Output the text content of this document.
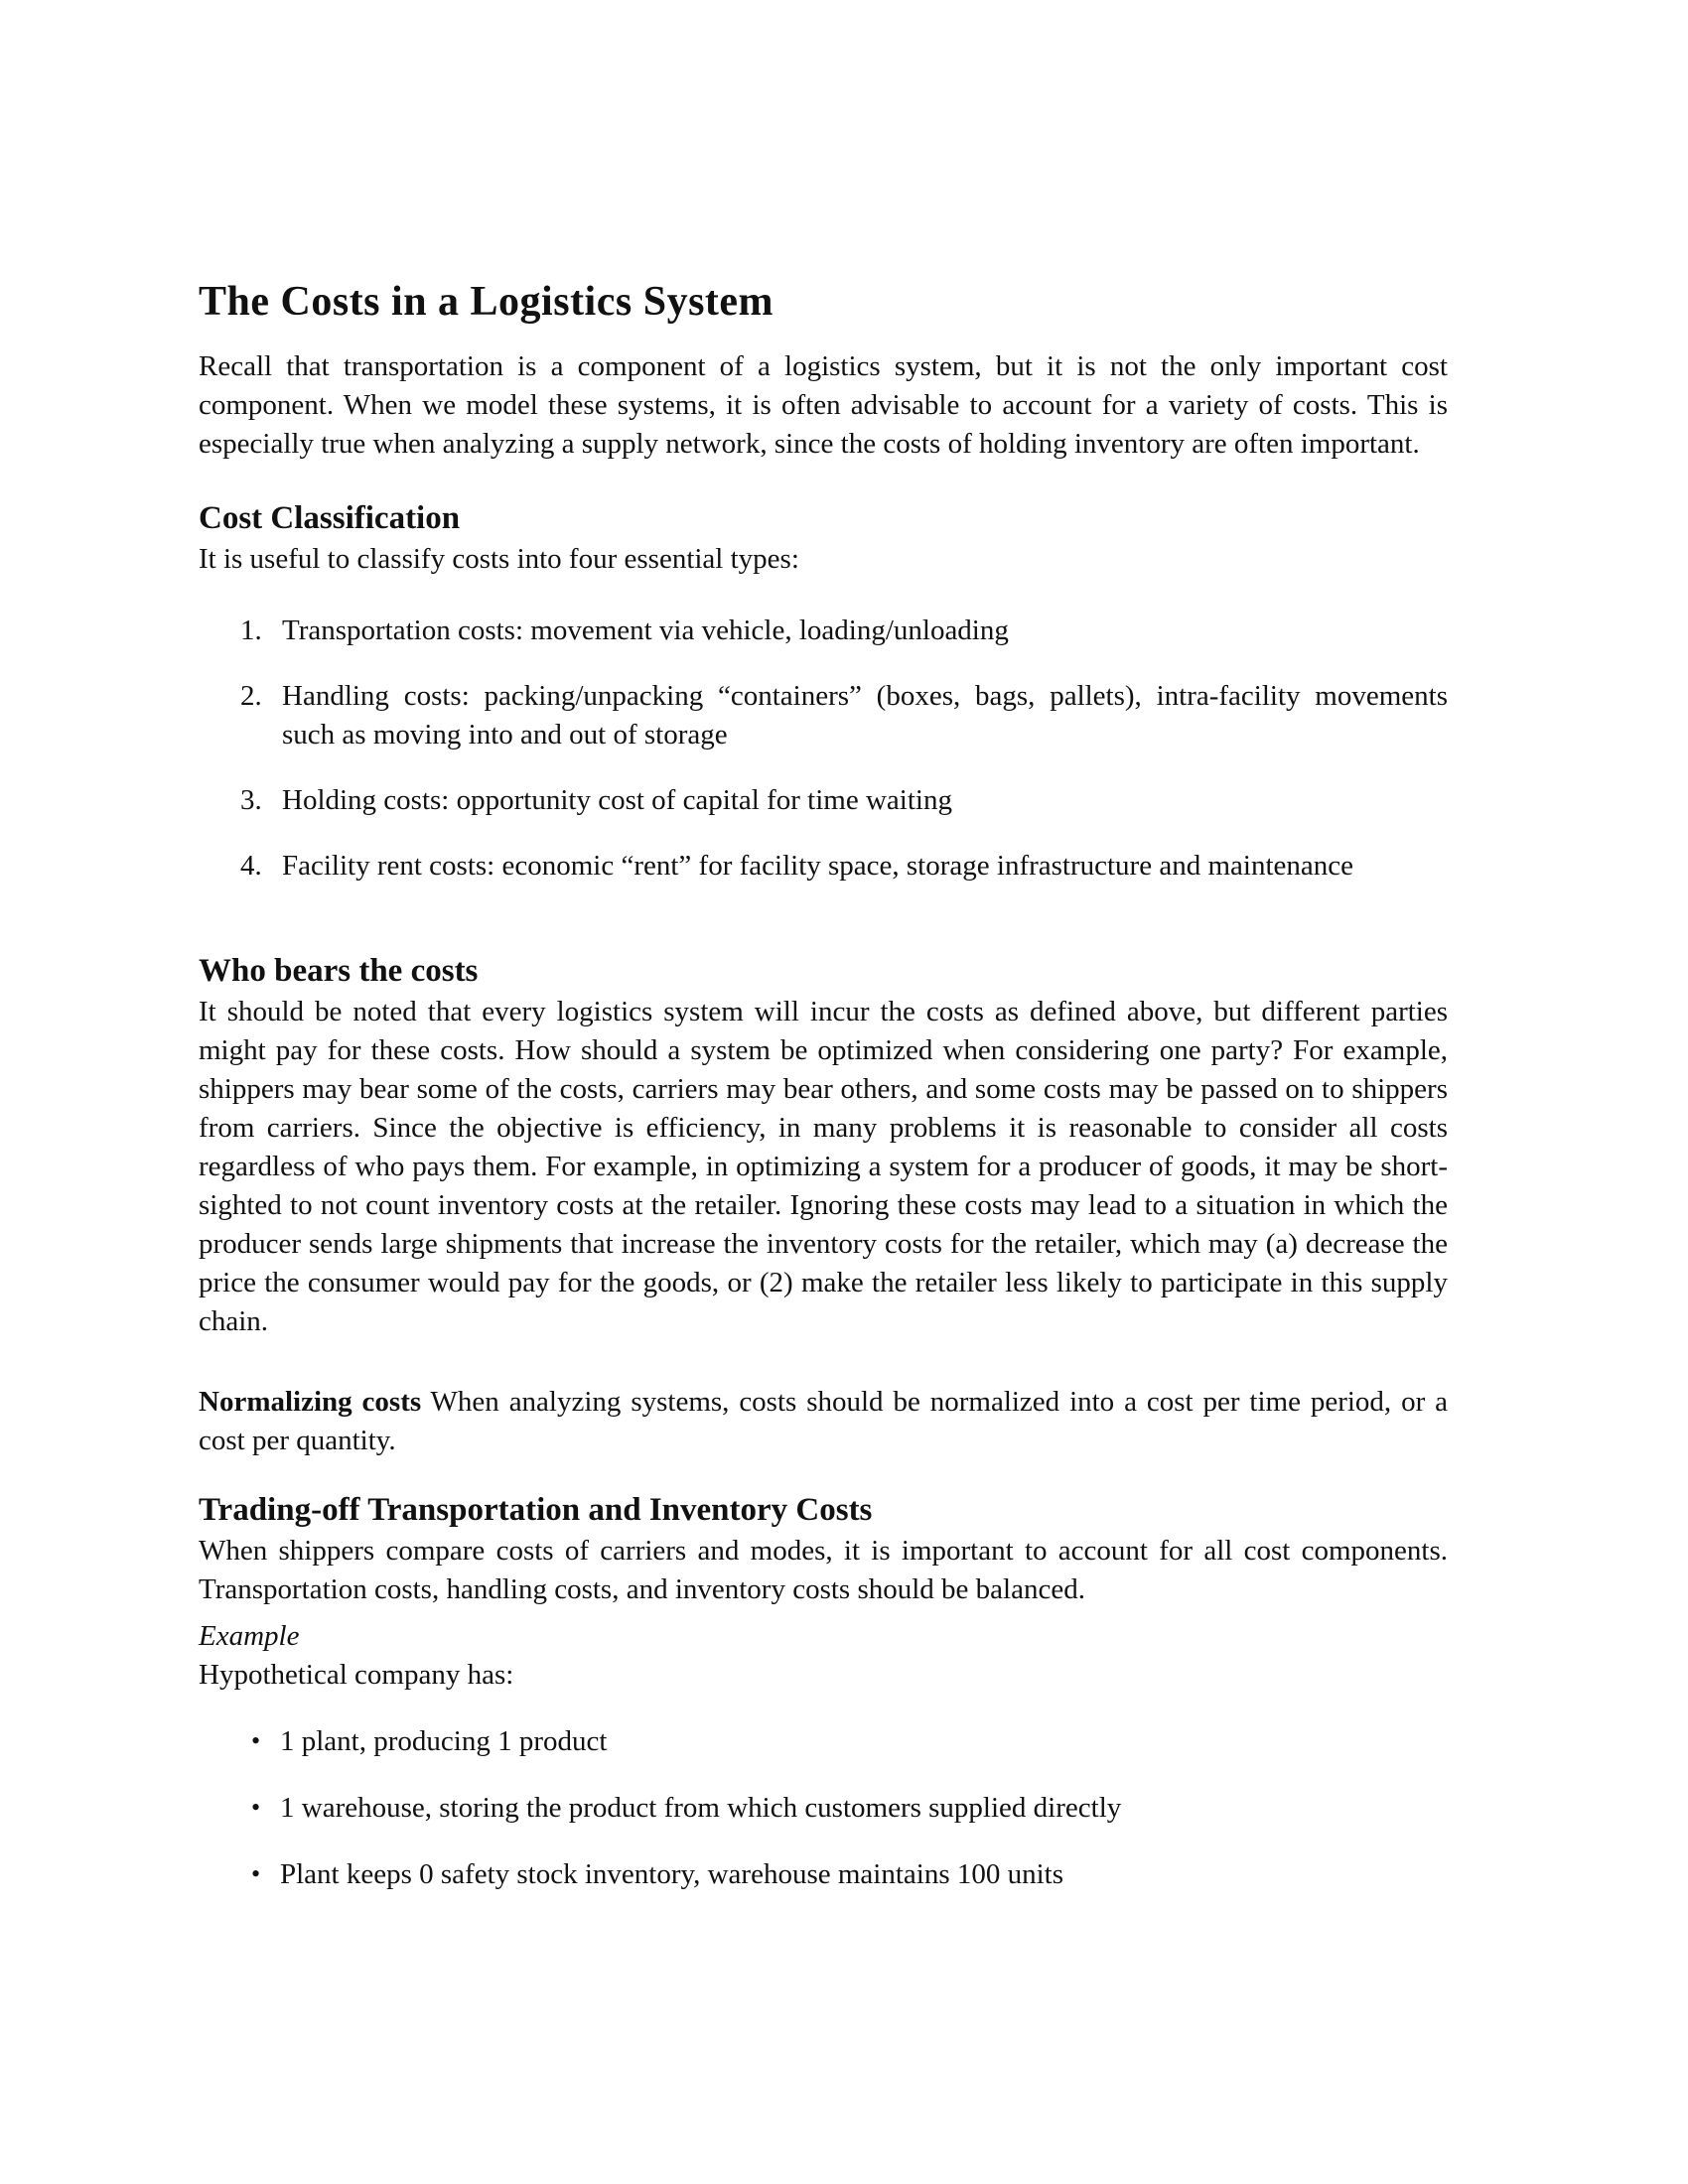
The Costs in a Logistics System

Recall that transportation is a component of a logistics system, but it is not the only important cost component. When we model these systems, it is often advisable to account for a variety of costs. This is especially true when analyzing a supply network, since the costs of holding inventory are often important.

Cost Classification

It is useful to classify costs into four essential types:

1. Transportation costs: movement via vehicle, loading/unloading
2. Handling costs: packing/unpacking “containers” (boxes, bags, pallets), intra-facility movements such as moving into and out of storage
3. Holding costs: opportunity cost of capital for time waiting
4. Facility rent costs: economic “rent” for facility space, storage infrastructure and maintenance
Who bears the costs

It should be noted that every logistics system will incur the costs as defined above, but different parties might pay for these costs. How should a system be optimized when considering one party? For example, shippers may bear some of the costs, carriers may bear others, and some costs may be passed on to shippers from carriers. Since the objective is efficiency, in many problems it is reasonable to consider all costs regardless of who pays them. For example, in optimizing a system for a producer of goods, it may be short-sighted to not count inventory costs at the retailer. Ignoring these costs may lead to a situation in which the producer sends large shipments that increase the inventory costs for the retailer, which may (a) decrease the price the consumer would pay for the goods, or (2) make the retailer less likely to participate in this supply chain.

Normalizing costs When analyzing systems, costs should be normalized into a cost per time period, or a cost per quantity.

Trading-off Transportation and Inventory Costs

When shippers compare costs of carriers and modes, it is important to account for all cost components. Transportation costs, handling costs, and inventory costs should be balanced.

Example

Hypothetical company has:

• 1 plant, producing 1 product
• 1 warehouse, storing the product from which customers supplied directly
• Plant keeps 0 safety stock inventory, warehouse maintains 100 units
